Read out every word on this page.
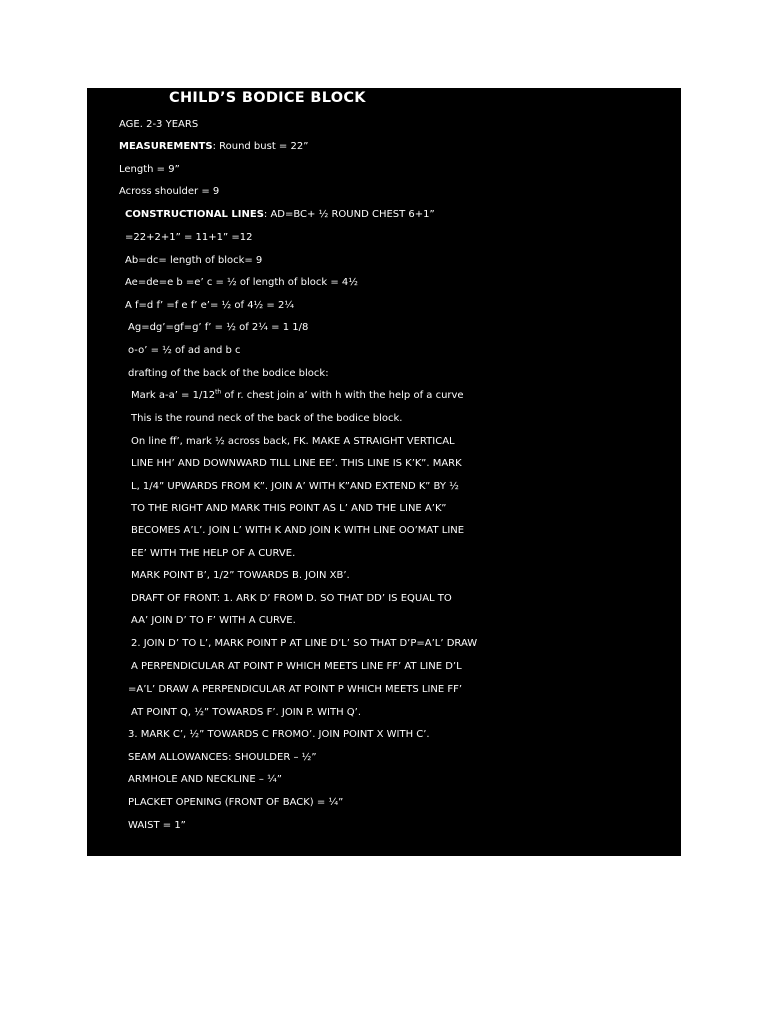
CHILD’S BODICE BLOCK
AGE. 2-3 YEARS
MEASUREMENTS: Round bust = 22”
Length = 9”
Across shoulder = 9
CONSTRUCTIONAL LINES: AD=BC+ ½ ROUND CHEST 6+1”
=22+2+1” = 11+1” =12
Ab=dc= length of block= 9
Ae=de=e b =e’ c = ½ of length of block = 4½
A f=d f’ =f e f’ e’= ½ of 4½ = 2¼
Ag=dg’=gf=g’ f’ = ½ of 2¼ = 1 1/8
o-o’ = ½ of ad and b c
drafting of the back of the bodice block:
Mark a-a’ = 1/12th of r. chest join a’ with h with the help of a curve
This is the round neck of the back of the bodice block.
On line ff’, mark ½ across back, FK. MAKE A STRAIGHT VERTICAL
LINE HH’ AND DOWNWARD TILL LINE EE’. THIS LINE IS K’K”. MARK
L, 1/4” UPWARDS FROM K”. JOIN A’ WITH K”AND EXTEND K” BY ½
TO THE RIGHT AND MARK THIS POINT AS L’ AND THE LINE A’K”
BECOMES A’L’. JOIN L’ WITH K AND JOIN K WITH LINE OO’MAT LINE
EE’ WITH THE HELP OF A CURVE.
MARK POINT B’, 1/2” TOWARDS B. JOIN XB’.
DRAFT OF FRONT: 1. ARK D’ FROM D. SO THAT DD’ IS EQUAL TO
AA’ JOIN D’ TO F’ WITH A CURVE.
2. JOIN D’ TO L’, MARK POINT P AT LINE D’L’ SO THAT D’P=A’L’ DRAW
A PERPENDICULAR AT POINT P WHICH MEETS LINE FF’ AT LINE D’L
=A’L’ DRAW A PERPENDICULAR AT POINT P WHICH MEETS LINE FF’
AT POINT Q, ½” TOWARDS F’. JOIN P. WITH Q’.
3. MARK C’, ½” TOWARDS C FROMO’. JOIN POINT X WITH C’.
SEAM ALLOWANCES: SHOULDER – ½”
ARMHOLE AND NECKLINE – ¼”
PLACKET OPENING (FRONT OF BACK) = ¼”
WAIST = 1”
